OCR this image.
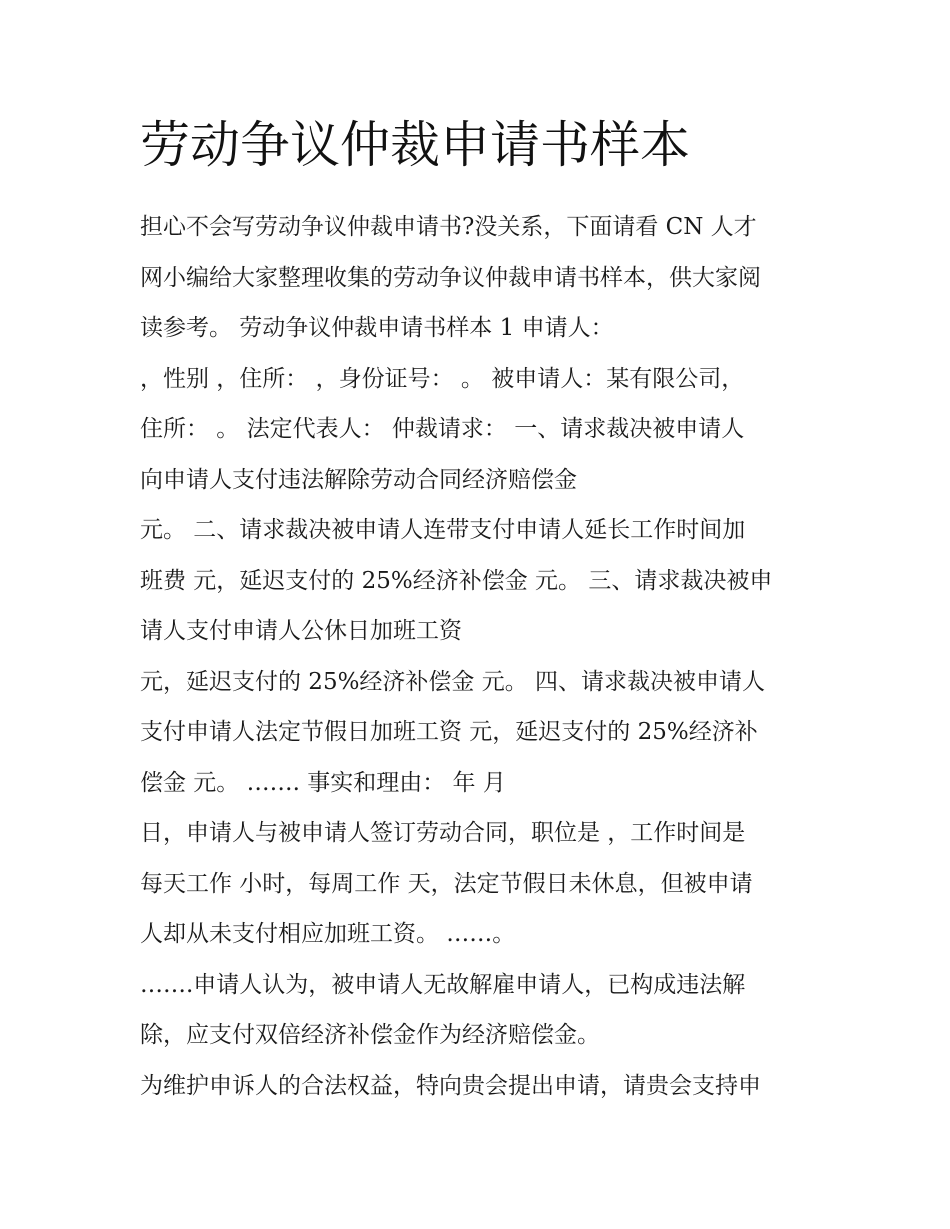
劳动争议仲裁申请书样本
担心不会写劳动争议仲裁申请书?没关系，下面请看 CN 人才
网小编给大家整理收集的劳动争议仲裁申请书样本，供大家阅
读参考。 劳动争议仲裁申请书样本 1 申请人：
，性别 ，住所： ，身份证号： 。 被申请人：某有限公司，
住所： 。 法定代表人： 仲裁请求： 一、请求裁决被申请人
向申请人支付违法解除劳动合同经济赔偿金
元。 二、请求裁决被申请人连带支付申请人延长工作时间加
班费 元，延迟支付的 25%经济补偿金 元。 三、请求裁决被申
请人支付申请人公休日加班工资
元，延迟支付的 25%经济补偿金 元。 四、请求裁决被申请人
支付申请人法定节假日加班工资 元，延迟支付的 25%经济补
偿金 元。 ……. 事实和理由： 年 月
日，申请人与被申请人签订劳动合同，职位是 ，工作时间是
每天工作 小时，每周工作 天，法定节假日未休息，但被申请
人却从未支付相应加班工资。 ……。
…….申请人认为，被申请人无故解雇申请人，已构成违法解
除，应支付双倍经济补偿金作为经济赔偿金。
为维护申诉人的合法权益，特向贵会提出申请，请贵会支持申
